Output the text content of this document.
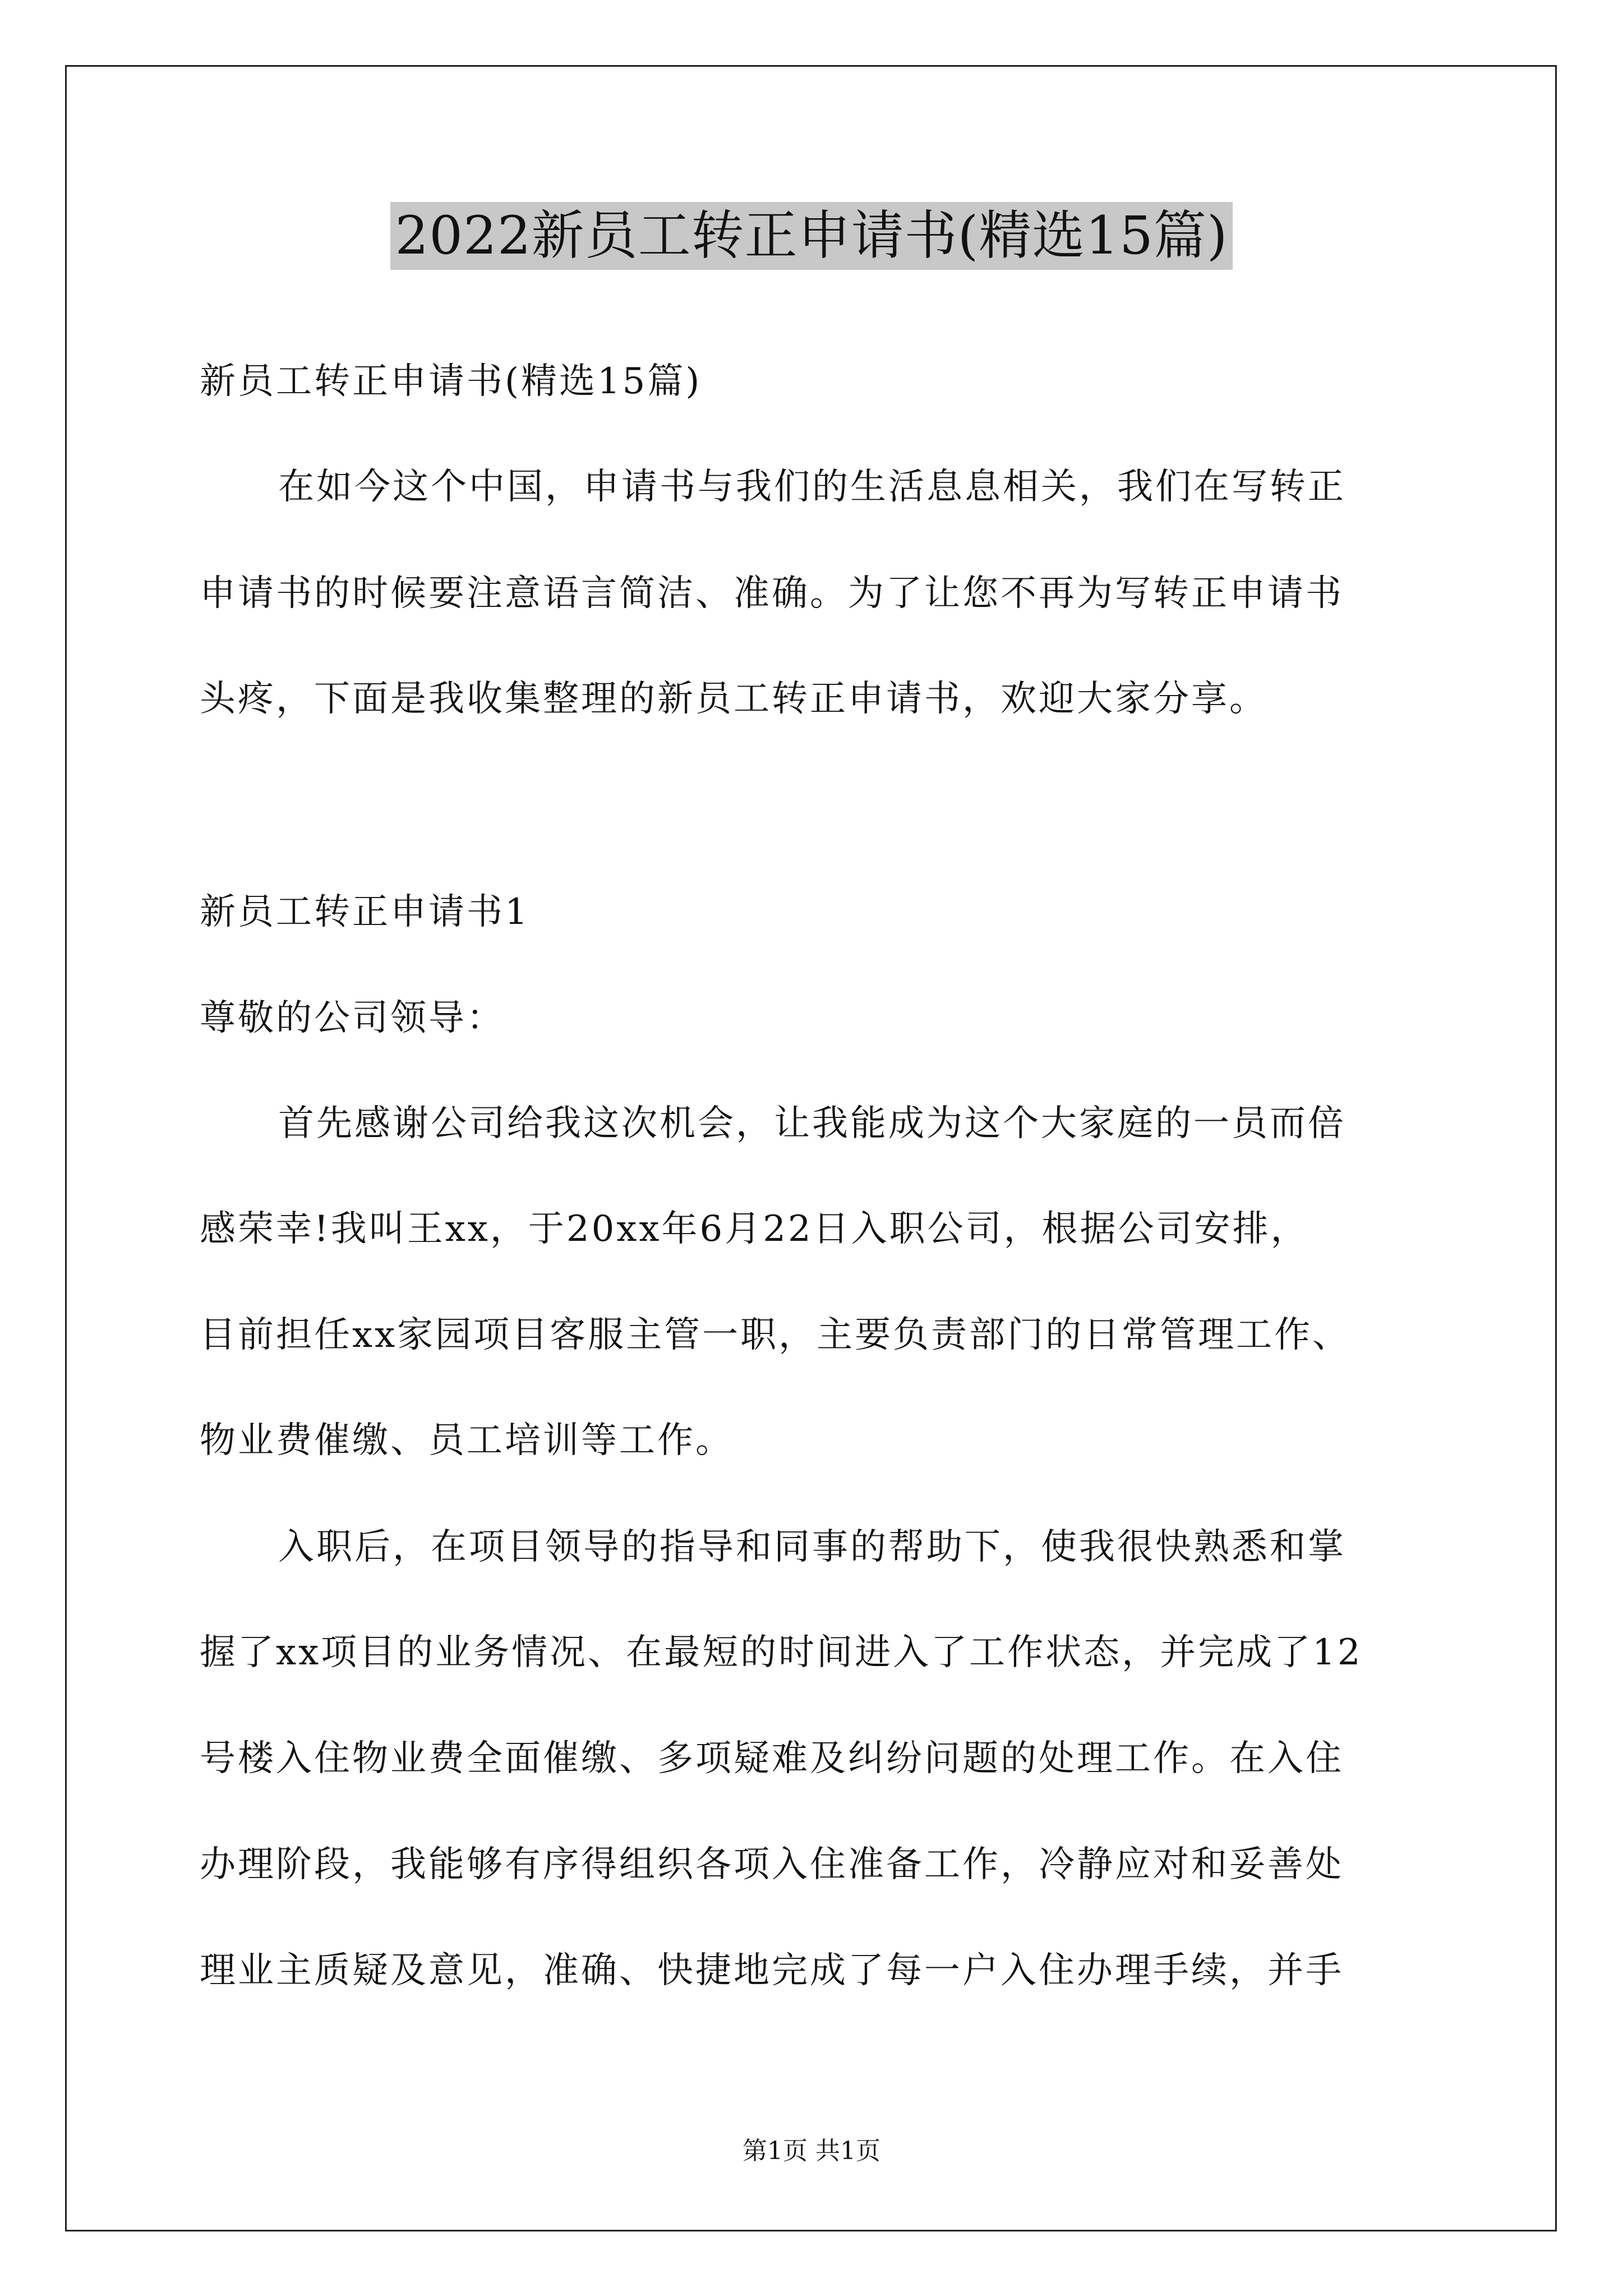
2022新员工转正申请书(精选15篇)
新员工转正申请书(精选15篇)
在如今这个中国，申请书与我们的生活息息相关，我们在写转正
申请书的时候要注意语言简洁、准确。为了让您不再为写转正申请书
头疼，下面是我收集整理的新员工转正申请书，欢迎大家分享。
新员工转正申请书1
尊敬的公司领导：
首先感谢公司给我这次机会，让我能成为这个大家庭的一员而倍
感荣幸!我叫王xx，于20xx年6月22日入职公司，根据公司安排，
目前担任xx家园项目客服主管一职，主要负责部门的日常管理工作、
物业费催缴、员工培训等工作。
入职后，在项目领导的指导和同事的帮助下，使我很快熟悉和掌
握了xx项目的业务情况、在最短的时间进入了工作状态，并完成了12
号楼入住物业费全面催缴、多项疑难及纠纷问题的处理工作。在入住
办理阶段，我能够有序得组织各项入住准备工作，冷静应对和妥善处
理业主质疑及意见，准确、快捷地完成了每一户入住办理手续，并手
第1页 共1页
